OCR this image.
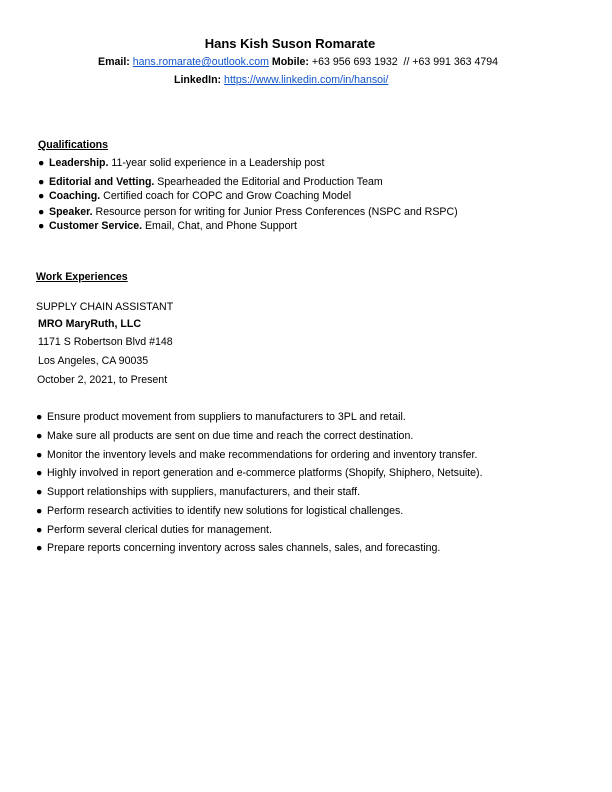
Hans Kish Suson Romarate
Email: hans.romarate@outlook.com Mobile: +63 956 693 1932  // +63 991 363 4794
LinkedIn: https://www.linkedin.com/in/hansoi/
Qualifications
● Leadership. 11-year solid experience in a Leadership post
● Editorial and Vetting. Spearheaded the Editorial and Production Team
● Coaching. Certified coach for COPC and Grow Coaching Model
● Speaker. Resource person for writing for Junior Press Conferences (NSPC and RSPC)
● Customer Service. Email, Chat, and Phone Support
Work Experiences
SUPPLY CHAIN ASSISTANT
MRO MaryRuth, LLC
1171 S Robertson Blvd #148
Los Angeles, CA 90035
October 2, 2021, to Present
● Ensure product movement from suppliers to manufacturers to 3PL and retail.
● Make sure all products are sent on due time and reach the correct destination.
● Monitor the inventory levels and make recommendations for ordering and inventory transfer.
● Highly involved in report generation and e-commerce platforms (Shopify, Shiphero, Netsuite).
● Support relationships with suppliers, manufacturers, and their staff.
● Perform research activities to identify new solutions for logistical challenges.
● Perform several clerical duties for management.
● Prepare reports concerning inventory across sales channels, sales, and forecasting.
